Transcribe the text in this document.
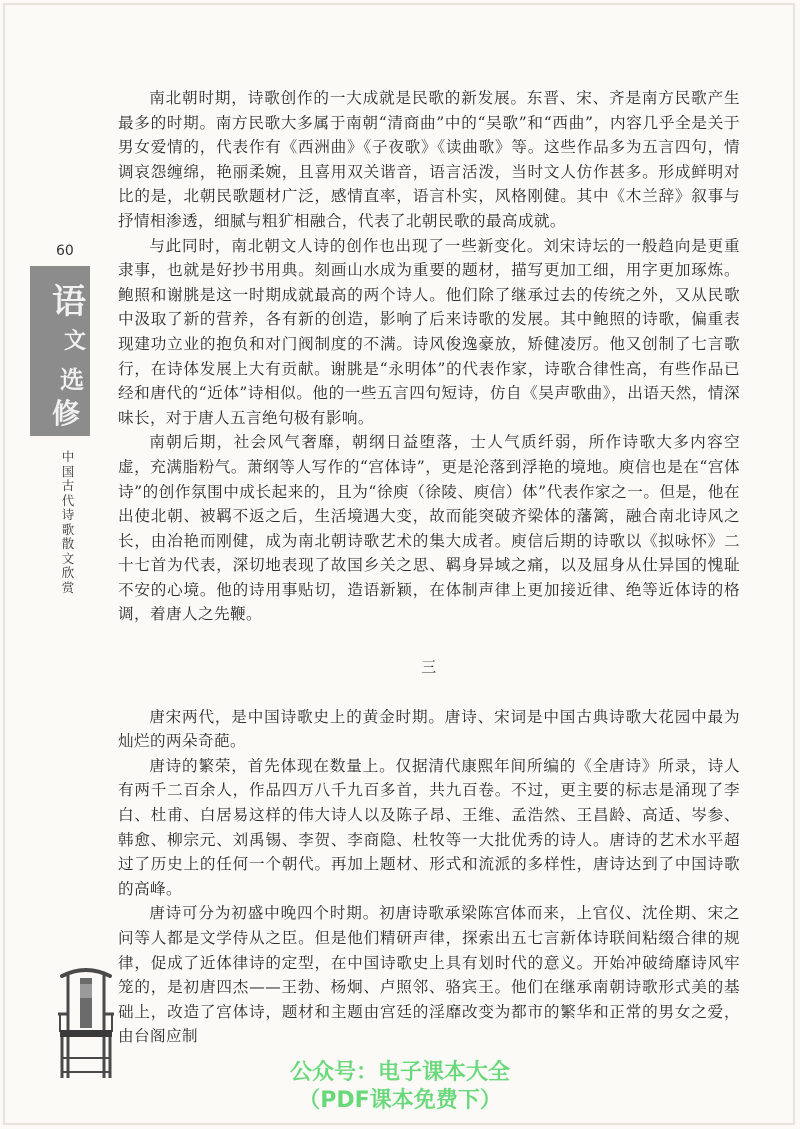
60
语
文
选
修
中国古代诗歌散文欣赏

南北朝时期，诗歌创作的一大成就是民歌的新发展。东晋、宋、齐是南方民歌产生最多的时期。南方民歌大多属于南朝“清商曲”中的“吴歌”和“西曲”，内容几乎全是关于男女爱情的，代表作有《西洲曲》《子夜歌》《读曲歌》等。这些作品多为五言四句，情调哀怨缠绵，艳丽柔婉，且喜用双关谐音，语言活泼，当时文人仿作甚多。形成鲜明对比的是，北朝民歌题材广泛，感情直率，语言朴实，风格刚健。其中《木兰辞》叙事与抒情相渗透，细腻与粗犷相融合，代表了北朝民歌的最高成就。

与此同时，南北朝文人诗的创作也出现了一些新变化。刘宋诗坛的一般趋向是更重隶事，也就是好抄书用典。刻画山水成为重要的题材，描写更加工细，用字更加琢炼。鲍照和谢朓是这一时期成就最高的两个诗人。他们除了继承过去的传统之外，又从民歌中汲取了新的营养，各有新的创造，影响了后来诗歌的发展。其中鲍照的诗歌，偏重表现建功立业的抱负和对门阀制度的不满。诗风俊逸豪放，矫健凌厉。他又创制了七言歌行，在诗体发展上大有贡献。谢朓是“永明体”的代表作家，诗歌合律性高，有些作品已经和唐代的“近体”诗相似。他的一些五言四句短诗，仿自《吴声歌曲》，出语天然，情深味长，对于唐人五言绝句极有影响。

南朝后期，社会风气奢靡，朝纲日益堕落，士人气质纤弱，所作诗歌大多内容空虚，充满脂粉气。萧纲等人写作的“宫体诗”，更是沦落到浮艳的境地。庾信也是在“宫体诗”的创作氛围中成长起来的，且为“徐庾（徐陵、庾信）体”代表作家之一。但是，他在出使北朝、被羁不返之后，生活境遇大变，故而能突破齐梁体的藩篱，融合南北诗风之长，由冶艳而刚健，成为南北朝诗歌艺术的集大成者。庾信后期的诗歌以《拟咏怀》二十七首为代表，深切地表现了故国乡关之思、羁身异域之痛，以及屈身从仕异国的愧耻不安的心境。他的诗用事贴切，造语新颖，在体制声律上更加接近律、绝等近体诗的格调，着唐人之先鞭。

三

唐宋两代，是中国诗歌史上的黄金时期。唐诗、宋词是中国古典诗歌大花园中最为灿烂的两朵奇葩。

唐诗的繁荣，首先体现在数量上。仅据清代康熙年间所编的《全唐诗》所录，诗人有两千二百余人，作品四万八千九百多首，共九百卷。不过，更主要的标志是涌现了李白、杜甫、白居易这样的伟大诗人以及陈子昂、王维、孟浩然、王昌龄、高适、岑参、韩愈、柳宗元、刘禹锡、李贺、李商隐、杜牧等一大批优秀的诗人。唐诗的艺术水平超过了历史上的任何一个朝代。再加上题材、形式和流派的多样性，唐诗达到了中国诗歌的高峰。

唐诗可分为初盛中晚四个时期。初唐诗歌承梁陈宫体而来，上官仪、沈佺期、宋之问等人都是文学侍从之臣。但是他们精研声律，探索出五七言新体诗联间粘缀合律的规律，促成了近体律诗的定型，在中国诗歌史上具有划时代的意义。开始冲破绮靡诗风牢笼的，是初唐四杰——王勃、杨炯、卢照邻、骆宾王。他们在继承南朝诗歌形式美的基础上，改造了宫体诗，题材和主题由宫廷的淫靡改变为都市的繁华和正常的男女之爱，由台阁应制

公众号：电子课本大全
（PDF课本免费下）
